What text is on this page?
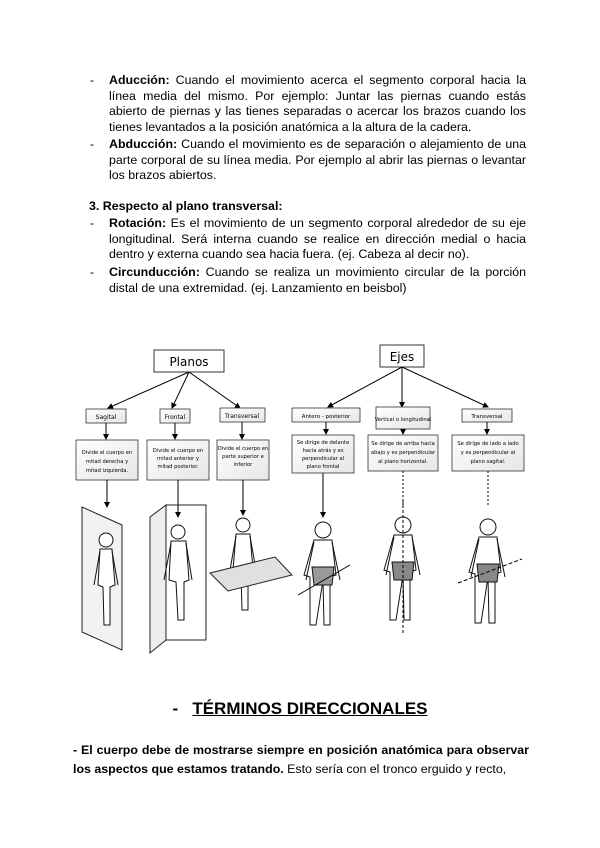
- Aducción: Cuando el movimiento acerca el segmento corporal hacia la línea media del mismo. Por ejemplo: Juntar las piernas cuando estás abierto de piernas y las tienes separadas o acercar los brazos cuando los tienes levantados a la posición anatómica a la altura de la cadera.
- Abducción: Cuando el movimiento es de separación o alejamiento de una parte corporal de su línea media. Por ejemplo al abrir las piernas o levantar los brazos abiertos.
3. Respecto al plano transversal:
- Rotación: Es el movimiento de un segmento corporal alrededor de su eje longitudinal. Será interna cuando se realice en dirección medial o hacia dentro y externa cuando sea hacia fuera. (ej. Cabeza al decir no).
- Circunducción: Cuando se realiza un movimiento circular de la porción distal de una extremidad. (ej. Lanzamiento en beisbol)
Planos
Sagital	Frontal	Transversal
Divide el cuerpo en
mitad derecha y
mitad izquierda.
Divide el cuerpo en
mitad anterior y
mitad posterior.
Divide el cuerpo en
parte superior e
inferior
Ejes
Antero - posterior	Vertical o longitudinal	Transversal
Se dirige de delante
hacia atrás y es
perpendicular al
plano frontal
Se dirige de arriba hacia
abajo y es perpendicular
al plano horizontal.
Se dirige de lado a lado
y es perpendicular al
plano sagital.
- TÉRMINOS DIRECCIONALES
- El cuerpo debe de mostrarse siempre en posición anatómica para observar los aspectos que estamos tratando. Esto sería con el tronco erguido y recto,
